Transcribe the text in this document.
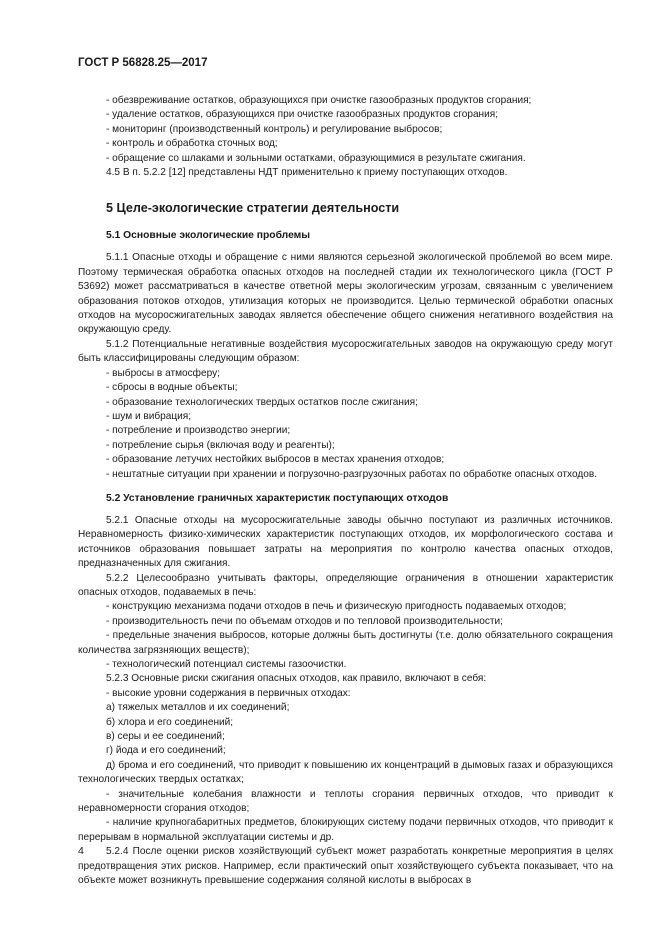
ГОСТ Р 56828.25—2017

- обезвреживание остатков, образующихся при очистке газообразных продуктов сгорания;

- удаление остатков, образующихся при очистке газообразных продуктов сгорания;

- мониторинг (производственный контроль) и регулирование выбросов;

- контроль и обработка сточных вод;

- обращение со шлаками и зольными остатками, образующимися в результате сжигания.

4.5 В п. 5.2.2 [12] представлены НДТ применительно к приему поступающих отходов.

5 Целе-экологические стратегии деятельности
5.1 Основные экологические проблемы

5.1.1 Опасные отходы и обращение с ними являются серьезной экологической проблемой во всем мире. Поэтому термическая обработка опасных отходов на последней стадии их технологического цикла (ГОСТ Р 53692) может рассматриваться в качестве ответной меры экологическим угрозам, связанным с увеличением образования потоков отходов, утилизация которых не производится. Целью термической обработки опасных отходов на мусоросжигательных заводах является обеспечение общего снижения негативного воздействия на окружающую среду.

5.1.2 Потенциальные негативные воздействия мусоросжигательных заводов на окружающую среду могут быть классифицированы следующим образом:

- выбросы в атмосферу;

- сбросы в водные объекты;

- образование технологических твердых остатков после сжигания;

- шум и вибрация;

- потребление и производство энергии;

- потребление сырья (включая воду и реагенты);

- образование летучих нестойких выбросов в местах хранения отходов;

- нештатные ситуации при хранении и погрузочно-разгрузочных работах по обработке опасных отходов.

5.2 Установление граничных характеристик поступающих отходов

5.2.1 Опасные отходы на мусоросжигательные заводы обычно поступают из различных источников. Неравномерность физико-химических характеристик поступающих отходов, их морфологического состава и источников образования повышает затраты на мероприятия по контролю качества опасных отходов, предназначенных для сжигания.

5.2.2 Целесообразно учитывать факторы, определяющие ограничения в отношении характеристик опасных отходов, подаваемых в печь:

- конструкцию механизма подачи отходов в печь и физическую пригодность подаваемых отходов;

- производительность печи по объемам отходов и по тепловой производительности;

- предельные значения выбросов, которые должны быть достигнуты (т.е. долю обязательного сокращения количества загрязняющих веществ);

- технологический потенциал системы газоочистки.

5.2.3 Основные риски сжигания опасных отходов, как правило, включают в себя:

- высокие уровни содержания в первичных отходах:

а) тяжелых металлов и их соединений;

б) хлора и его соединений;

в) серы и ее соединений;

г) йода и его соединений;

д) брома и его соединений, что приводит к повышению их концентраций в дымовых газах и образующихся технологических твердых остатках;

- значительные колебания влажности и теплоты сгорания первичных отходов, что приводит к неравномерности сгорания отходов;

- наличие крупногабаритных предметов, блокирующих систему подачи первичных отходов, что приводит к перерывам в нормальной эксплуатации системы и др.

5.2.4 После оценки рисков хозяйствующий субъект может разработать конкретные мероприятия в целях предотвращения этих рисков. Например, если практический опыт хозяйствующего субъекта показывает, что на объекте может возникнуть превышение содержания соляной кислоты в выбросах в

4
